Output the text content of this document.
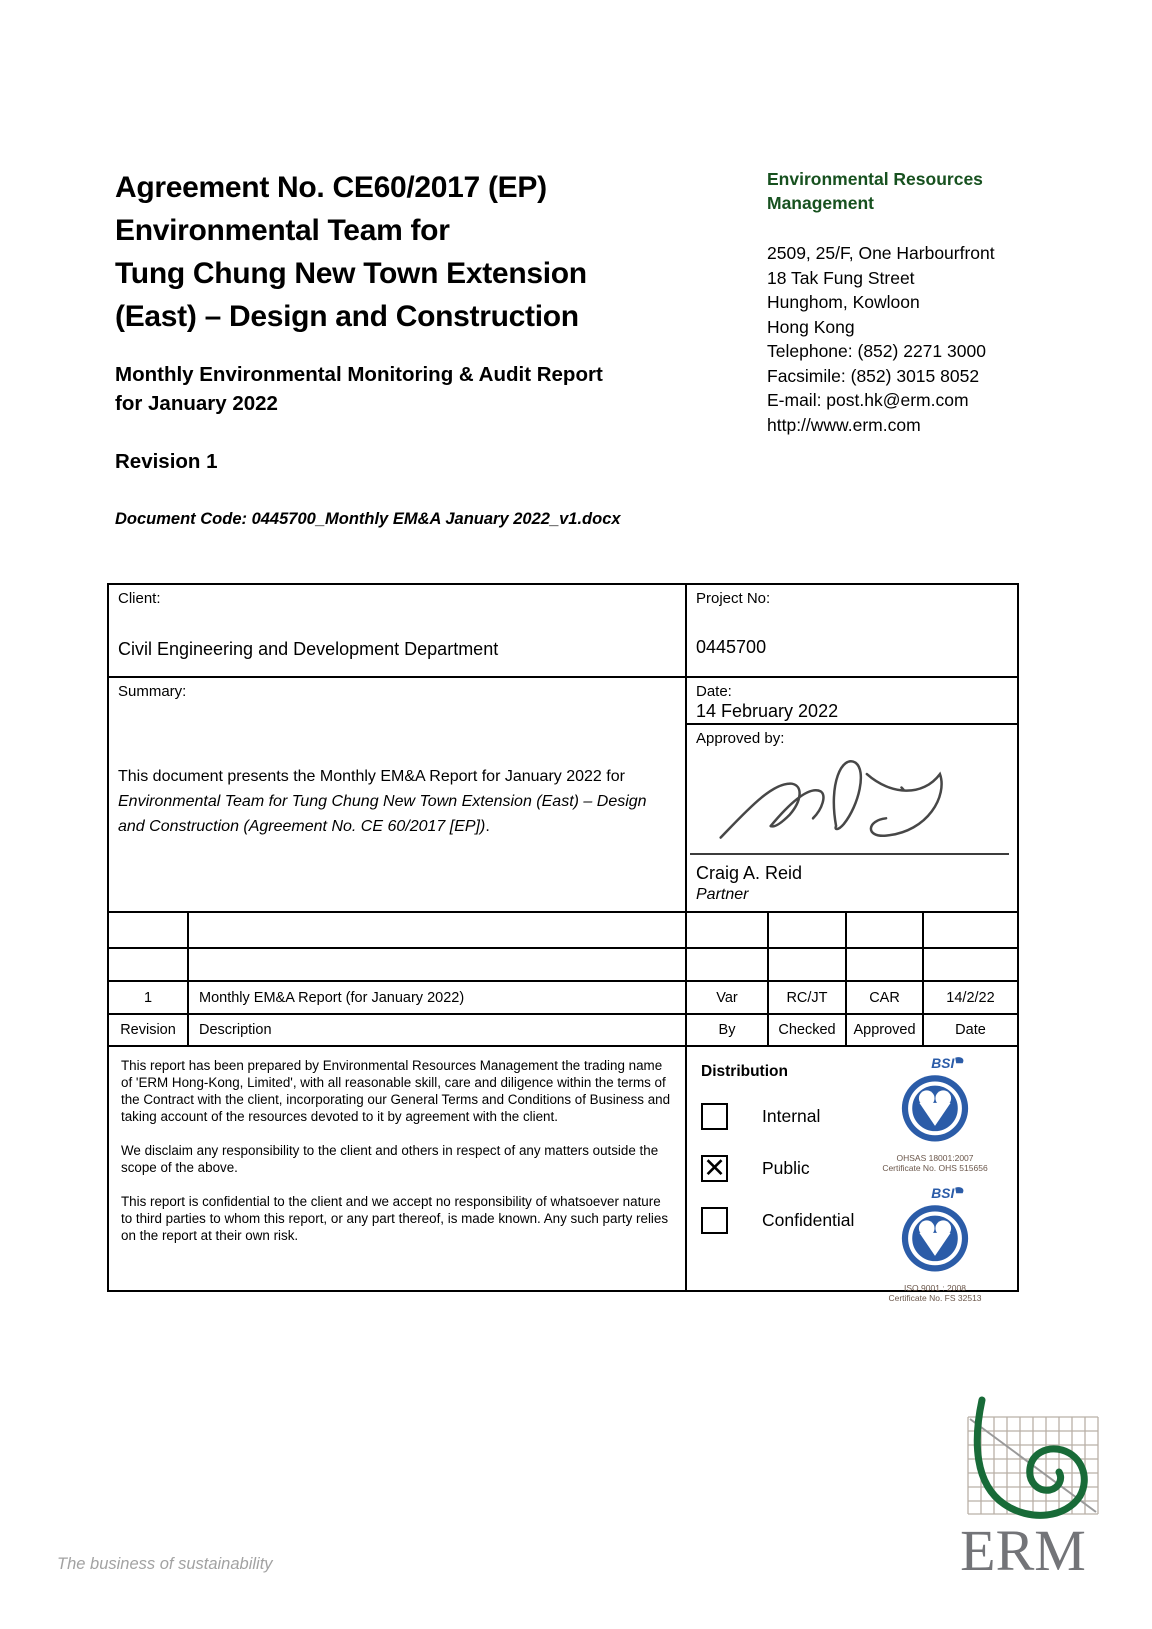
Agreement No. CE60/2017 (EP)
Environmental Team for
Tung Chung New Town Extension
(East) – Design and Construction
Monthly Environmental Monitoring & Audit Report
for January 2022
Revision 1
Document Code: 0445700_Monthly EM&A January 2022_v1.docx
Environmental Resources
Management
2509, 25/F, One Harbourfront
18 Tak Fung Street
Hunghom, Kowloon
Hong Kong
Telephone: (852) 2271 3000
Facsimile: (852) 3015 8052
E-mail: post.hk@erm.com
http://www.erm.com
Client:
Civil Engineering and Development Department
Project No:
0445700
Summary:

This document presents the Monthly EM&A Report for January 2022 for Environmental Team for Tung Chung New Town Extension (East) – Design and Construction (Agreement No. CE 60/2017 [EP]).

Date:
14 February 2022
Approved by:
Craig A. Reid
Partner
1	Monthly EM&A Report (for January 2022)	Var	RC/JT	CAR	14/2/22
Revision	Description	By	Checked	Approved	Date

This report has been prepared by Environmental Resources Management the trading name of 'ERM Hong-Kong, Limited', with all reasonable skill, care and diligence within the terms of the Contract with the client, incorporating our General Terms and Conditions of Business and taking account of the resources devoted to it by agreement with the client.

We disclaim any responsibility to the client and others in respect of any matters outside the scope of the above.

This report is confidential to the client and we accept no responsibility of whatsoever nature to third parties to whom this report, or any part thereof, is made known. Any such party relies on the report at their own risk.

Distribution
Internal
✕ Public
Confidential
BSI
OHSAS 18001:2007
Certificate No. OHS 515656
BSI
ISO 9001 : 2008
Certificate No. FS 32513
The business of sustainability	ERM
